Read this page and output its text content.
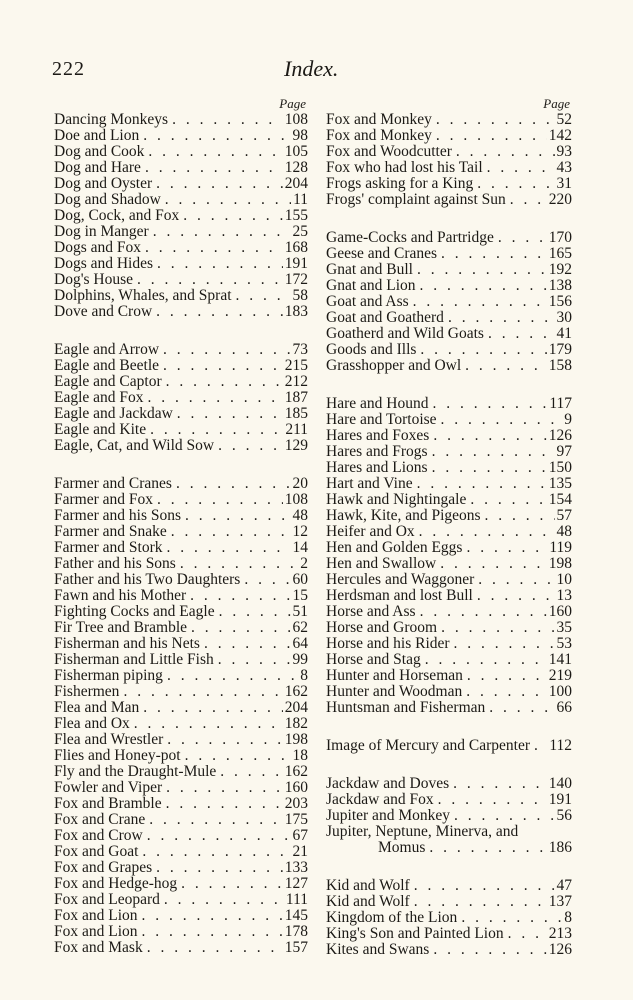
222	Index.
Page
Dancing Monkeys . . .	108
Doe and Lion . . .	98
Dog and Cook . . .	105
Dog and Hare . . .	128
Dog and Oyster . . .	204
Dog and Shadow . . .	11
Dog, Cock, and Fox . . .	155
Dog in Manger . . .	25
Dogs and Fox . . .	168
Dogs and Hides . . .	191
Dog's House . . .	172
Dolphins, Whales, and Sprat . . .	58
Dove and Crow . . .	183
Eagle and Arrow . . .	73
Eagle and Beetle . . .	215
Eagle and Captor . . .	212
Eagle and Fox . . .	187
Eagle and Jackdaw . . .	185
Eagle and Kite . . .	211
Eagle, Cat, and Wild Sow . . .	129
Farmer and Cranes . . .	20
Farmer and Fox . . .	108
Farmer and his Sons . . .	48
Farmer and Snake . . .	12
Farmer and Stork . . .	14
Father and his Sons . . .	2
Father and his Two Daughters . . .	60
Fawn and his Mother . . .	15
Fighting Cocks and Eagle . . .	51
Fir Tree and Bramble . . .	62
Fisherman and his Nets . . .	64
Fisherman and Little Fish . . .	99
Fisherman piping . . .	8
Fishermen . . .	162
Flea and Man . . .	204
Flea and Ox . . .	182
Flea and Wrestler . . .	198
Flies and Honey-pot . . .	18
Fly and the Draught-Mule . . .	162
Fowler and Viper . . .	160
Fox and Bramble . . .	203
Fox and Crane . . .	175
Fox and Crow . . .	67
Fox and Goat . . .	21
Fox and Grapes . . .	133
Fox and Hedge-hog . . .	127
Fox and Leopard . . .	111
Fox and Lion . . .	145
Fox and Lion . . .	178
Fox and Mask . . .	157
Page
Fox and Monkey . . .	52
Fox and Monkey . . .	142
Fox and Woodcutter . . .	93
Fox who had lost his Tail . . .	43
Frogs asking for a King . . .	31
Frogs' complaint against Sun . . .	220
Game-Cocks and Partridge . . .	170
Geese and Cranes . . .	165
Gnat and Bull . . .	192
Gnat and Lion . . .	138
Goat and Ass . . .	156
Goat and Goatherd . . .	30
Goatherd and Wild Goats . . .	41
Goods and Ills . . .	179
Grasshopper and Owl . . .	158
Hare and Hound . . .	117
Hare and Tortoise . . .	9
Hares and Foxes . . .	126
Hares and Frogs . . .	97
Hares and Lions . . .	150
Hart and Vine . . .	135
Hawk and Nightingale . . .	154
Hawk, Kite, and Pigeons . . .	57
Heifer and Ox . . .	48
Hen and Golden Eggs . . .	119
Hen and Swallow . . .	198
Hercules and Waggoner . . .	10
Herdsman and lost Bull . . .	13
Horse and Ass . . .	160
Horse and Groom . . .	35
Horse and his Rider . . .	53
Horse and Stag . . .	141
Hunter and Horseman . . .	219
Hunter and Woodman . . .	100
Huntsman and Fisherman . . .	66
Image of Mercury and Carpenter . . . 112
Jackdaw and Doves . . .	140
Jackdaw and Fox . . .	191
Jupiter and Monkey . . .	56
Jupiter, Neptune, Minerva, and
Momus . . .	186
Kid and Wolf . . .	47
Kid and Wolf . . .	137
Kingdom of the Lion . . .	8
King's Son and Painted Lion . . .	213
Kites and Swans . . .	126
